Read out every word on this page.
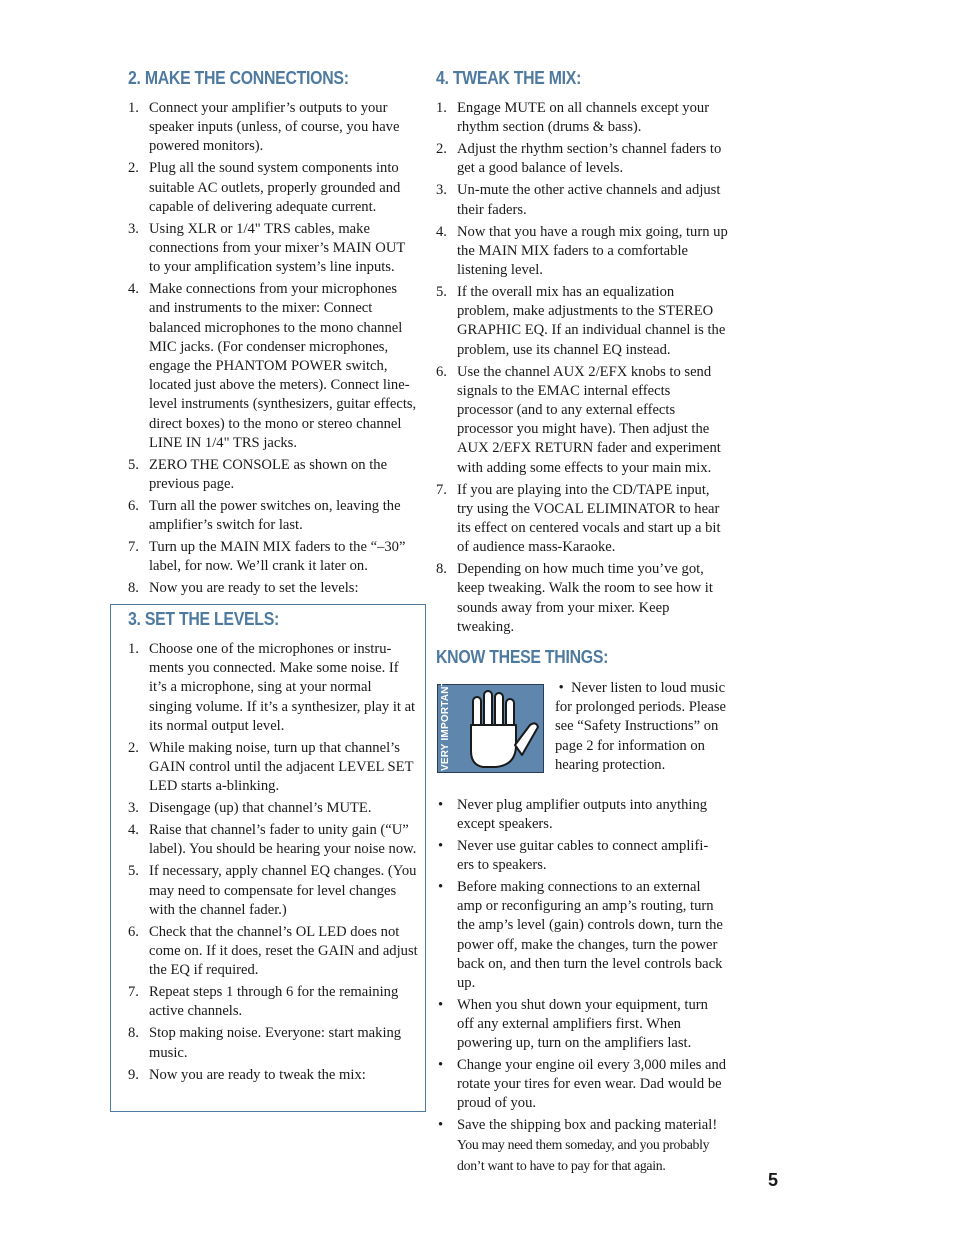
2. MAKE THE CONNECTIONS:
1. Connect your amplifier’s outputs to your speaker inputs (unless, of course, you have powered monitors).
2. Plug all the sound system components into suitable AC outlets, properly grounded and capable of delivering adequate current.
3. Using XLR or 1/4" TRS cables, make connections from your mixer’s MAIN OUT to your amplification system’s line inputs.
4. Make connections from your microphones and instruments to the mixer: Connect balanced microphones to the mono channel MIC jacks. (For condenser microphones, engage the PHANTOM POWER switch, located just above the meters). Connect line-level instruments (synthesizers, guitar effects, direct boxes) to the mono or stereo channel LINE IN 1/4" TRS jacks.
5. ZERO THE CONSOLE as shown on the previous page.
6. Turn all the power switches on, leaving the amplifier’s switch for last.
7. Turn up the MAIN MIX faders to the “–30” label, for now. We’ll crank it later on.
8. Now you are ready to set the levels:
3. SET THE LEVELS:
1. Choose one of the microphones or instru- ments you connected. Make some noise. If it’s a microphone, sing at your normal singing volume. If it’s a synthesizer, play it at its normal output level.
2. While making noise, turn up that channel’s GAIN control until the adjacent LEVEL SET LED starts a-blinking.
3. Disengage (up) that channel’s MUTE.
4. Raise that channel’s fader to unity gain (“U” label). You should be hearing your noise now.
5. If necessary, apply channel EQ changes. (You may need to compensate for level changes with the channel fader.)
6. Check that the channel’s OL LED does not come on. If it does, reset the GAIN and adjust the EQ if required.
7. Repeat steps 1 through 6 for the remaining active channels.
8. Stop making noise. Everyone: start making music.
9. Now you are ready to tweak the mix:
4. TWEAK THE MIX:
1. Engage MUTE on all channels except your rhythm section (drums & bass).
2. Adjust the rhythm section’s channel faders to get a good balance of levels.
3. Un-mute the other active channels and adjust their faders.
4. Now that you have a rough mix going, turn up the MAIN MIX faders to a comfortable listening level.
5. If the overall mix has an equalization problem, make adjustments to the STEREO GRAPHIC EQ. If an individual channel is the problem, use its channel EQ instead.
6. Use the channel AUX 2/EFX knobs to send signals to the EMAC internal effects processor (and to any external effects processor you might have). Then adjust the AUX 2/EFX RETURN fader and experiment with adding some effects to your main mix.
7. If you are playing into the CD/TAPE input, try using the VOCAL ELIMINATOR to hear its effect on centered vocals and start up a bit of audience mass-Karaoke.
8. Depending on how much time you’ve got, keep tweaking. Walk the room to see how it sounds away from your mixer. Keep tweaking.
KNOW THESE THINGS:
VERY IMPORTANT	•  Never listen to loud music for prolonged periods. Please see “Safety Instructions” on page 2 for information on hearing protection.
• Never plug amplifier outputs into anything except speakers.
• Never use guitar cables to connect amplifi- ers to speakers.
• Before making connections to an external amp or reconfiguring an amp’s routing, turn the amp’s level (gain) controls down, turn the power off, make the changes, turn the power back on, and then turn the level controls back up.
• When you shut down your equipment, turn off any external amplifiers first. When powering up, turn on the amplifiers last.
• Change your engine oil every 3,000 miles and rotate your tires for even wear. Dad would be proud of you.
• Save the shipping box and packing material! You may need them someday, and you probably don’t want to have to pay for that again.
5
